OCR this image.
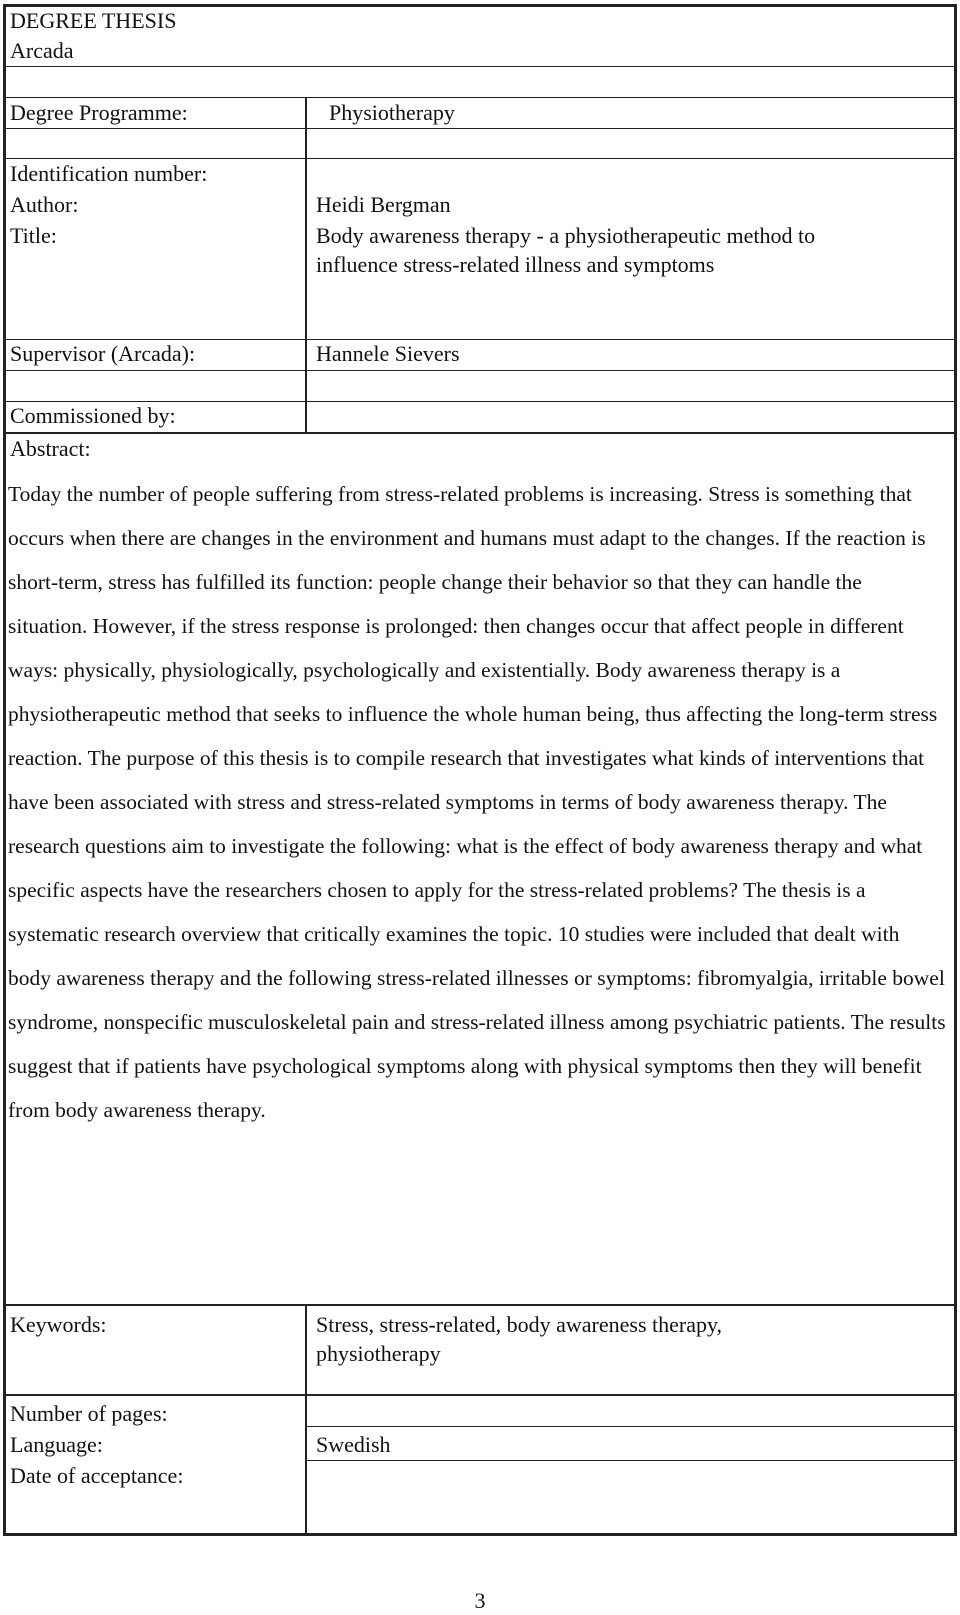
DEGREE THESIS
Arcada
Degree Programme:	Physiotherapy
Identification number:
Author:	Heidi Bergman
Title:	Body awareness therapy - a physiotherapeutic method to
influence stress-related illness and symptoms
Supervisor (Arcada):	Hannele Sievers
Commissioned by:
Abstract:

Today the number of people suffering from stress-related problems is increasing. Stress is something that occurs when there are changes in the environment and humans must adapt to the changes. If the reaction is short-term, stress has fulfilled its function: people change their behavior so that they can handle the situation. However, if the stress response is prolonged: then changes occur that affect people in different ways: physically, physiologically, psychologically and existentially. Body awareness therapy is a physiotherapeutic method that seeks to influence the whole human being, thus affecting the long-term stress reaction. The purpose of this thesis is to compile research that investigates what kinds of interventions that have been associated with stress and stress-related symptoms in terms of body awareness therapy. The research questions aim to investigate the following: what is the effect of body awareness therapy and what specific aspects have the researchers chosen to apply for the stress-related problems? The thesis is a systematic research overview that critically examines the topic. 10 studies were included that dealt with body awareness therapy and the following stress-related illnesses or symptoms: fibromyalgia, irritable bowel syndrome, nonspecific musculoskeletal pain and stress-related illness among psychiatric patients. The results suggest that if patients have psychological symptoms along with physical symptoms then they will benefit from body awareness therapy.

Keywords:	Stress, stress-related, body awareness therapy,
physiotherapy
Number of pages:
Language:	Swedish
Date of acceptance:
3
